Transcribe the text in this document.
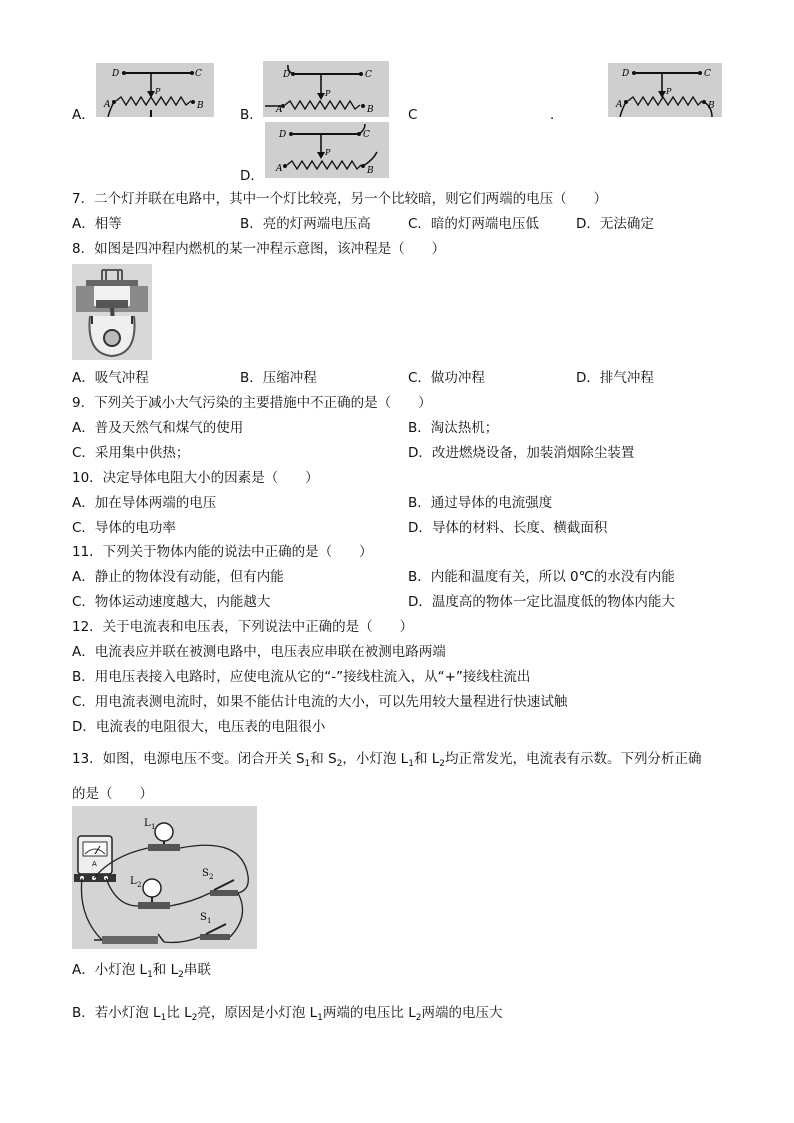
A．
D	C
P
A	B
B．
D	C
P
A	B	C	．
D	C
P
A	B
D．
D	C
P
A	B
7．二个灯并联在电路中，其中一个灯比较亮，另一个比较暗，则它们两端的电压（　　）
A．相等	B．亮的灯两端电压高	C．暗的灯两端电压低	D．无法确定
8．如图是四冲程内燃机的某一冲程示意图，该冲程是（　　）
A．吸气冲程	B．压缩冲程	C．做功冲程	D．排气冲程
9．下列关于减小大气污染的主要措施中不正确的是（　　）
A．普及天然气和煤气的使用	B．淘汰热机；
C．采用集中供热；	D．改进燃烧设备，加装消烟除尘装置
10．决定导体电阻大小的因素是（　　）
A．加在导体两端的电压	B．通过导体的电流强度
C．导体的电功率	D．导体的材料、长度、横截面积
11．下列关于物体内能的说法中正确的是（　　）
A．静止的物体没有动能，但有内能	B．内能和温度有关，所以 0℃的水没有内能
C．物体运动速度越大，内能越大	D．温度高的物体一定比温度低的物体内能大
12．关于电流表和电压表，下列说法中正确的是（　　）
A．电流表应并联在被测电路中，电压表应串联在被测电路两端
B．用电压表接入电路时，应使电流从它的“-”接线柱流入，从“+”接线柱流出
C．用电流表测电流时，如果不能估计电流的大小，可以先用较大量程进行快速试触
D．电流表的电阻很大，电压表的电阻很小
13．如图，电源电压不变。闭合开关 $S_1$和 $S_2$，小灯泡 $L_1$和 $L_2$均正常发光，电流表有示数。下列分析正确
的是（　　）
A
L 1
L 2
S 2
S 1
A．小灯泡 $L_1$和 $L_2$串联
B．若小灯泡 $L_1$比 $L_2$亮，原因是小灯泡 $L_1$两端的电压比 $L_2$两端的电压大
